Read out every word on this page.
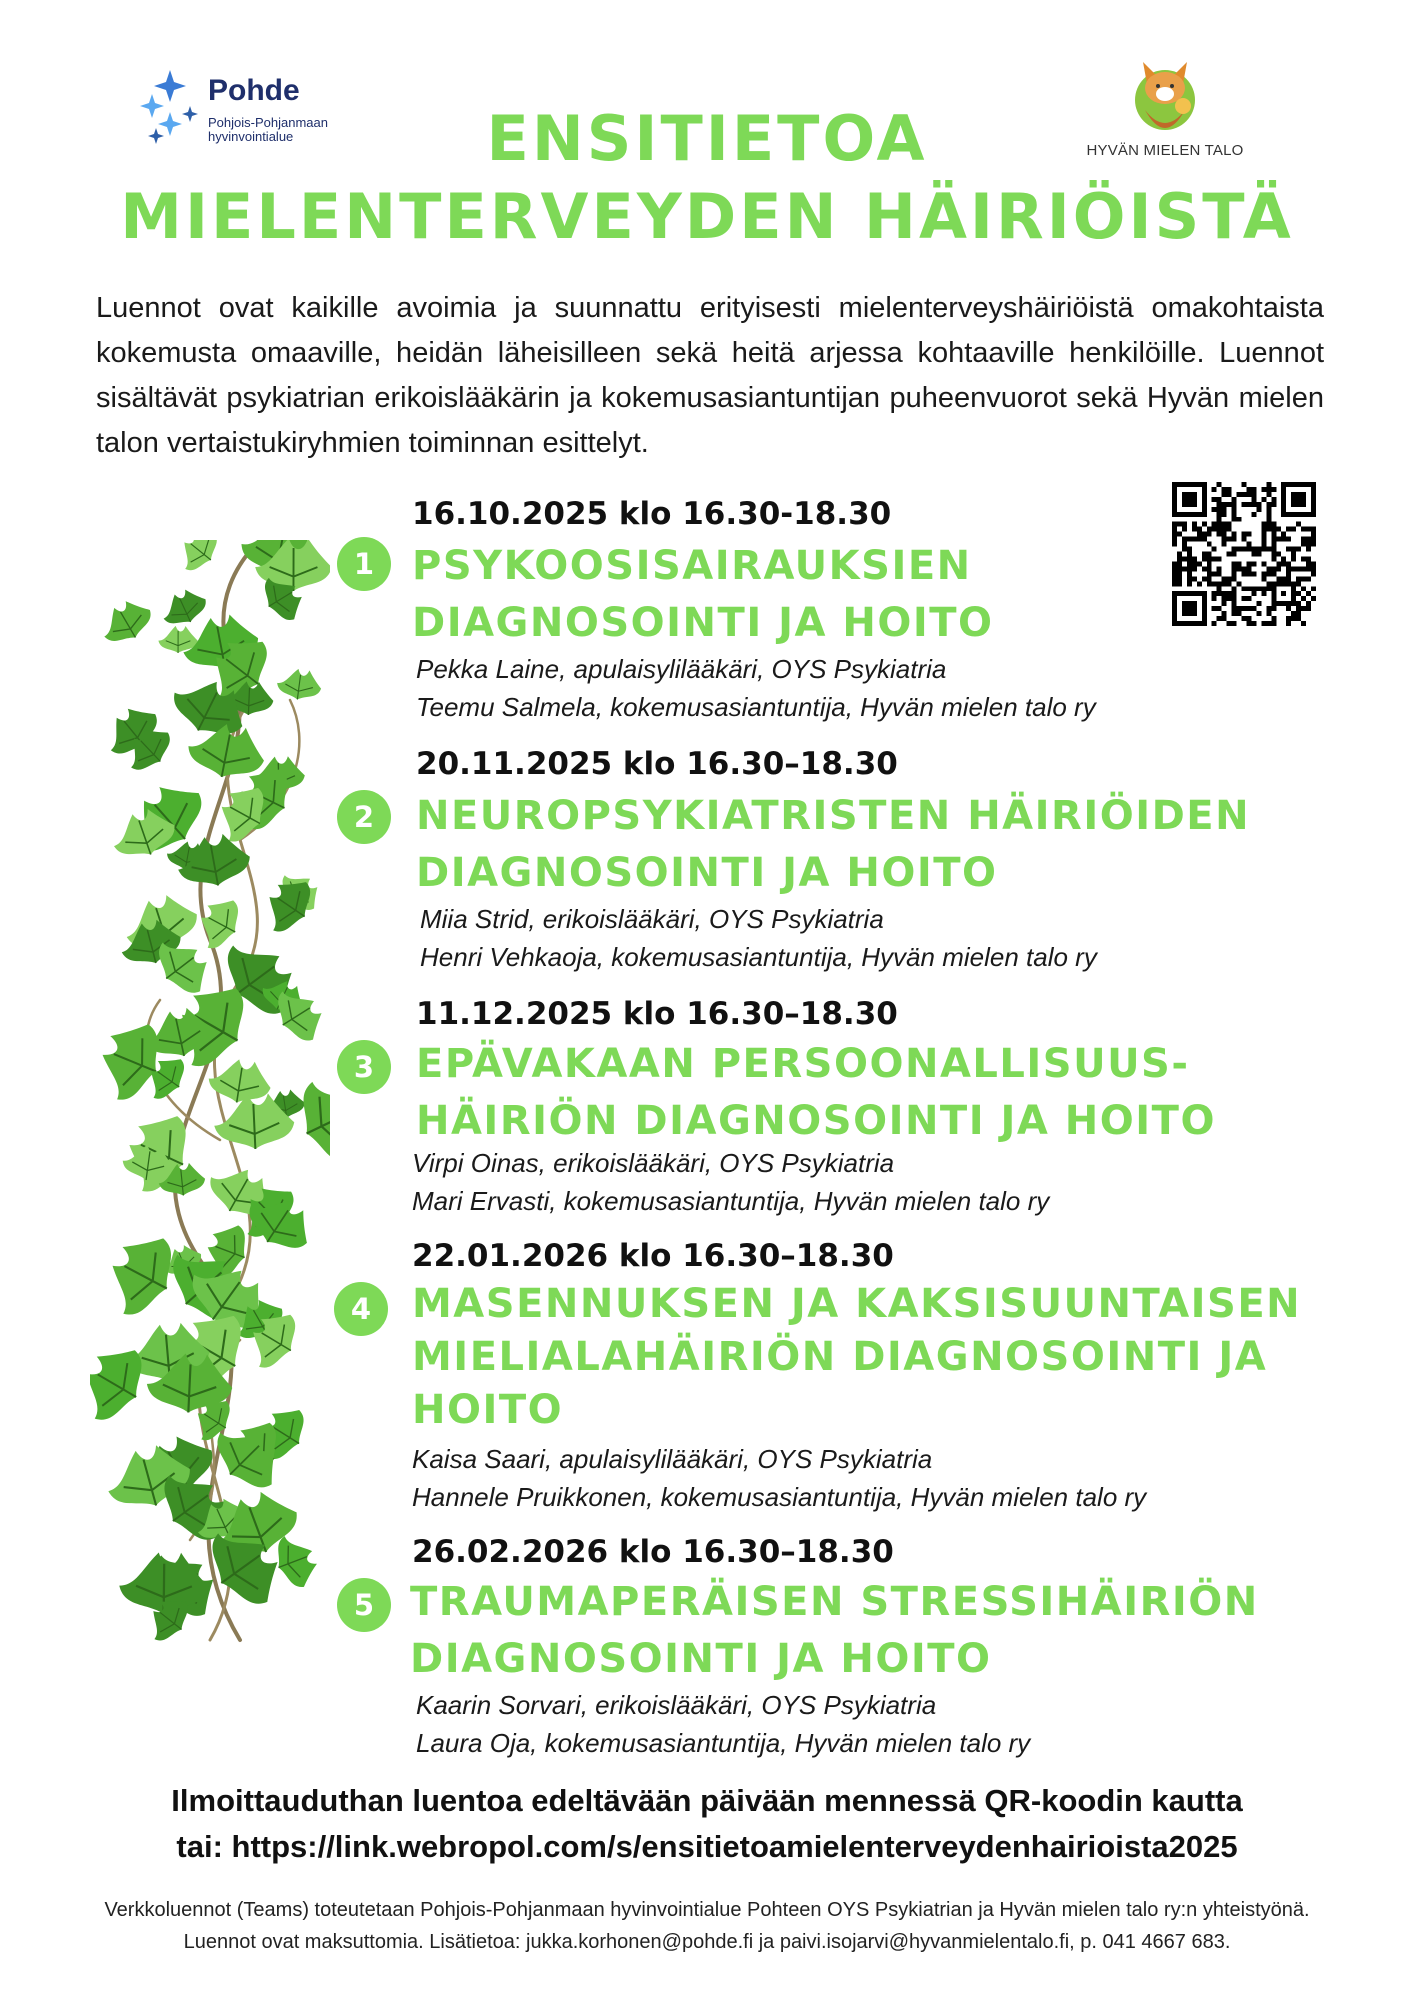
Pohde
Pohjois-Pohjanmaan
hyvinvointialue
HYVÄN MIELEN TALO
ENSITIETOA
MIELENTERVEYDEN HÄIRIÖISTÄ
Luennot ovat kaikille avoimia ja suunnattu erityisesti mielenterveyshäiriöistä omakohtaista kokemusta omaaville, heidän läheisilleen sekä heitä arjessa kohtaaville henkilöille. Luennot sisältävät psykiatrian erikoislääkärin ja kokemusasiantuntijan puheenvuorot sekä Hyvän mielen talon vertaistukiryhmien toiminnan esittelyt.
1
16.10.2025 klo 16.30-18.30
PSYKOOSISAIRAUKSIEN
DIAGNOSOINTI JA HOITO
Pekka Laine, apulaisylilääkäri, OYS Psykiatria
Teemu Salmela, kokemusasiantuntija, Hyvän mielen talo ry
2
20.11.2025 klo 16.30–18.30
NEUROPSYKIATRISTEN HÄIRIÖIDEN
DIAGNOSOINTI JA HOITO
Miia Strid, erikoislääkäri, OYS Psykiatria
Henri Vehkaoja, kokemusasiantuntija, Hyvän mielen talo ry
3
11.12.2025 klo 16.30–18.30
EPÄVAKAAN PERSOONALLISUUS-
HÄIRIÖN DIAGNOSOINTI JA HOITO
Virpi Oinas, erikoislääkäri, OYS Psykiatria
Mari Ervasti, kokemusasiantuntija, Hyvän mielen talo ry
4
22.01.2026 klo 16.30–18.30
MASENNUKSEN JA KAKSISUUNTAISEN
MIELIALAHÄIRIÖN DIAGNOSOINTI JA
HOITO
Kaisa Saari, apulaisylilääkäri, OYS Psykiatria
Hannele Pruikkonen, kokemusasiantuntija, Hyvän mielen talo ry
5
26.02.2026 klo 16.30–18.30
TRAUMAPERÄISEN STRESSIHÄIRIÖN
DIAGNOSOINTI JA HOITO
Kaarin Sorvari, erikoislääkäri, OYS Psykiatria
Laura Oja, kokemusasiantuntija, Hyvän mielen talo ry
Ilmoittauduthan luentoa edeltävään päivään mennessä QR-koodin kautta
tai: https://link.webropol.com/s/ensitietoamielenterveydenhairioista2025
Verkkoluennot (Teams) toteutetaan Pohjois-Pohjanmaan hyvinvointialue Pohteen OYS Psykiatrian ja Hyvän mielen talo ry:n yhteistyönä.
Luennot ovat maksuttomia. Lisätietoa: jukka.korhonen@pohde.fi ja paivi.isojarvi@hyvanmielentalo.fi, p. 041 4667 683.
